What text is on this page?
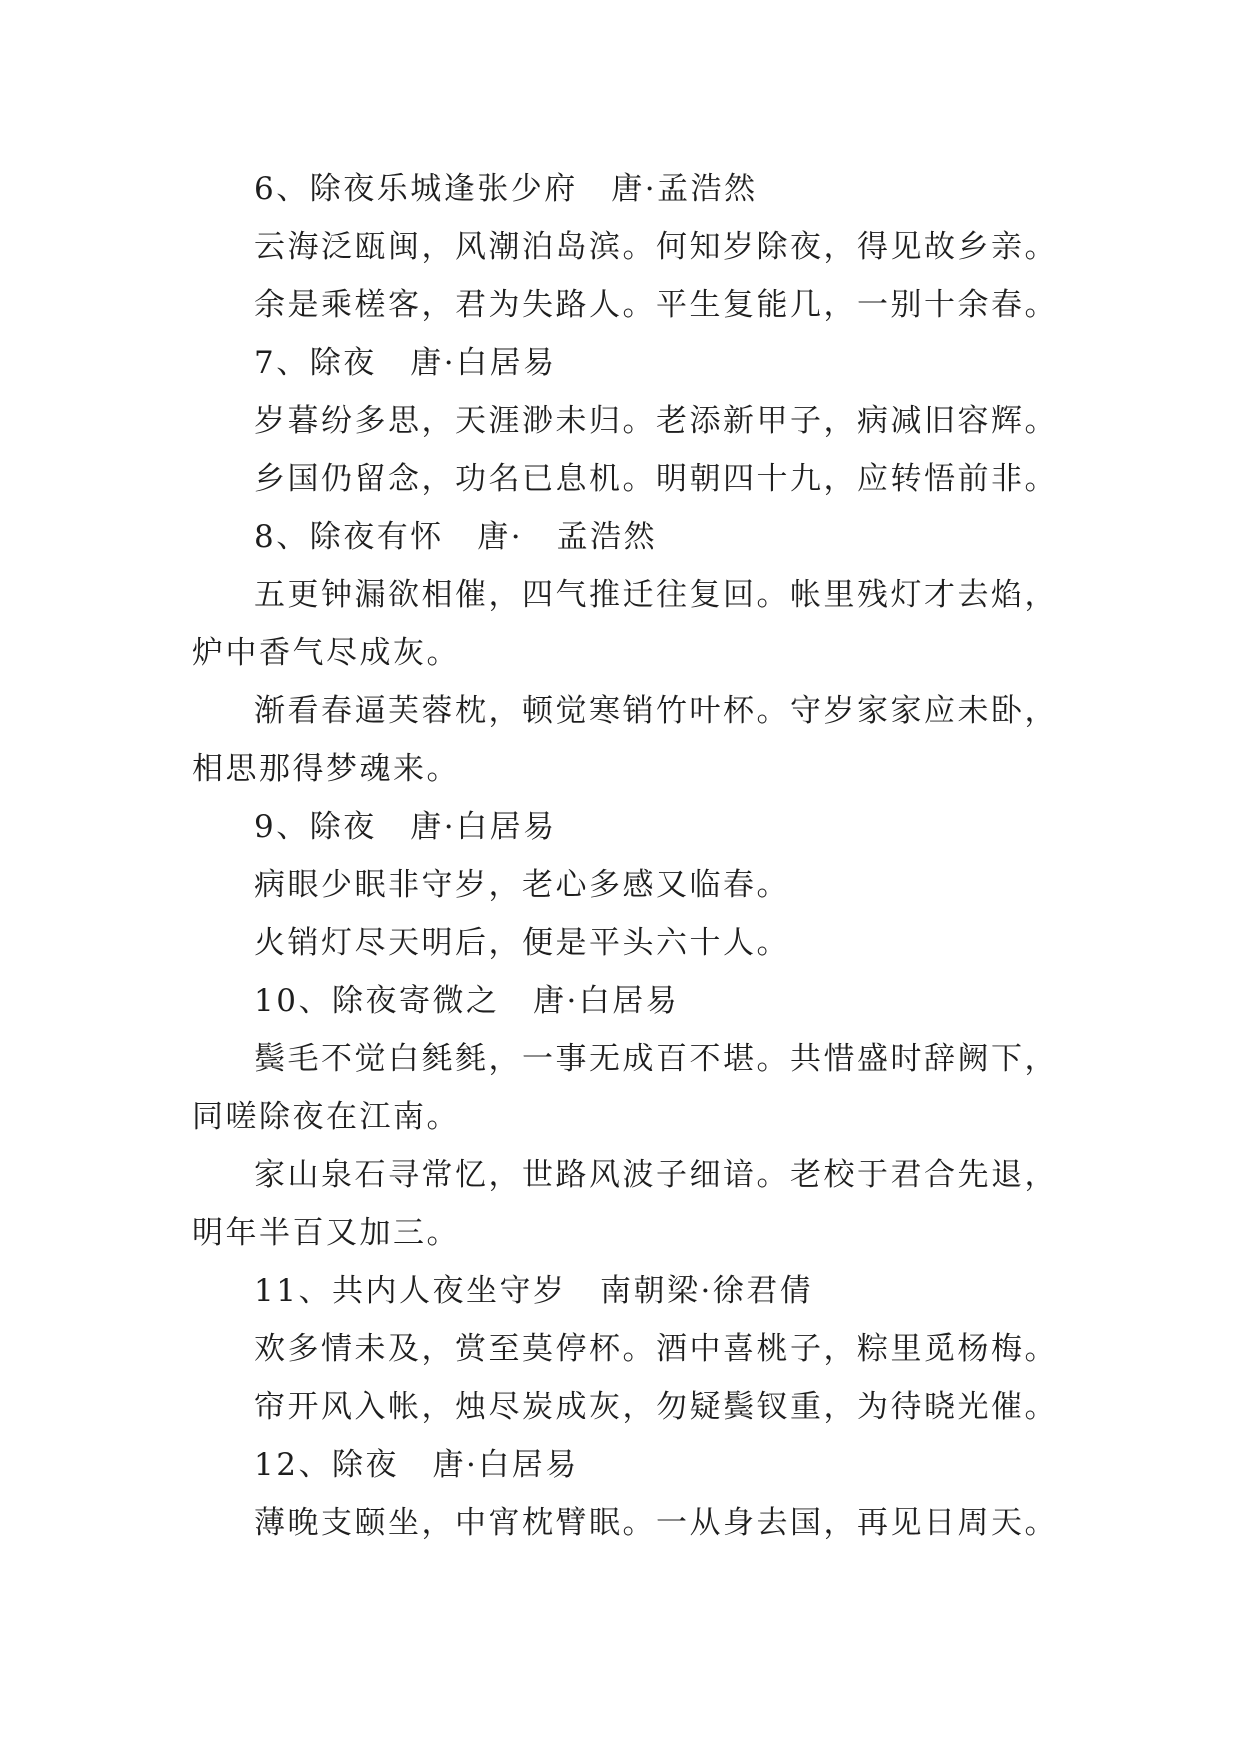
6、除夜乐城逢张少府　唐·孟浩然
云海泛瓯闽，风潮泊岛滨。何知岁除夜，得见故乡亲。
余是乘槎客，君为失路人。平生复能几，一别十余春。
7、除夜　唐·白居易
岁暮纷多思，天涯渺未归。老添新甲子，病减旧容辉。
乡国仍留念，功名已息机。明朝四十九，应转悟前非。
8、除夜有怀　唐·　孟浩然
五更钟漏欲相催，四气推迁往复回。帐里残灯才去焰，
炉中香气尽成灰。
渐看春逼芙蓉枕，顿觉寒销竹叶杯。守岁家家应未卧，
相思那得梦魂来。
9、除夜　唐·白居易
病眼少眠非守岁，老心多感又临春。
火销灯尽天明后，便是平头六十人。
10、除夜寄微之　唐·白居易
鬓毛不觉白毵毵，一事无成百不堪。共惜盛时辞阙下，
同嗟除夜在江南。
家山泉石寻常忆，世路风波子细谙。老校于君合先退，
明年半百又加三。
11、共内人夜坐守岁　南朝梁·徐君倩
欢多情未及，赏至莫停杯。酒中喜桃子，粽里觅杨梅。
帘开风入帐，烛尽炭成灰，勿疑鬓钗重，为待晓光催。
12、除夜　唐·白居易
薄晚支颐坐，中宵枕臂眠。一从身去国，再见日周天。
